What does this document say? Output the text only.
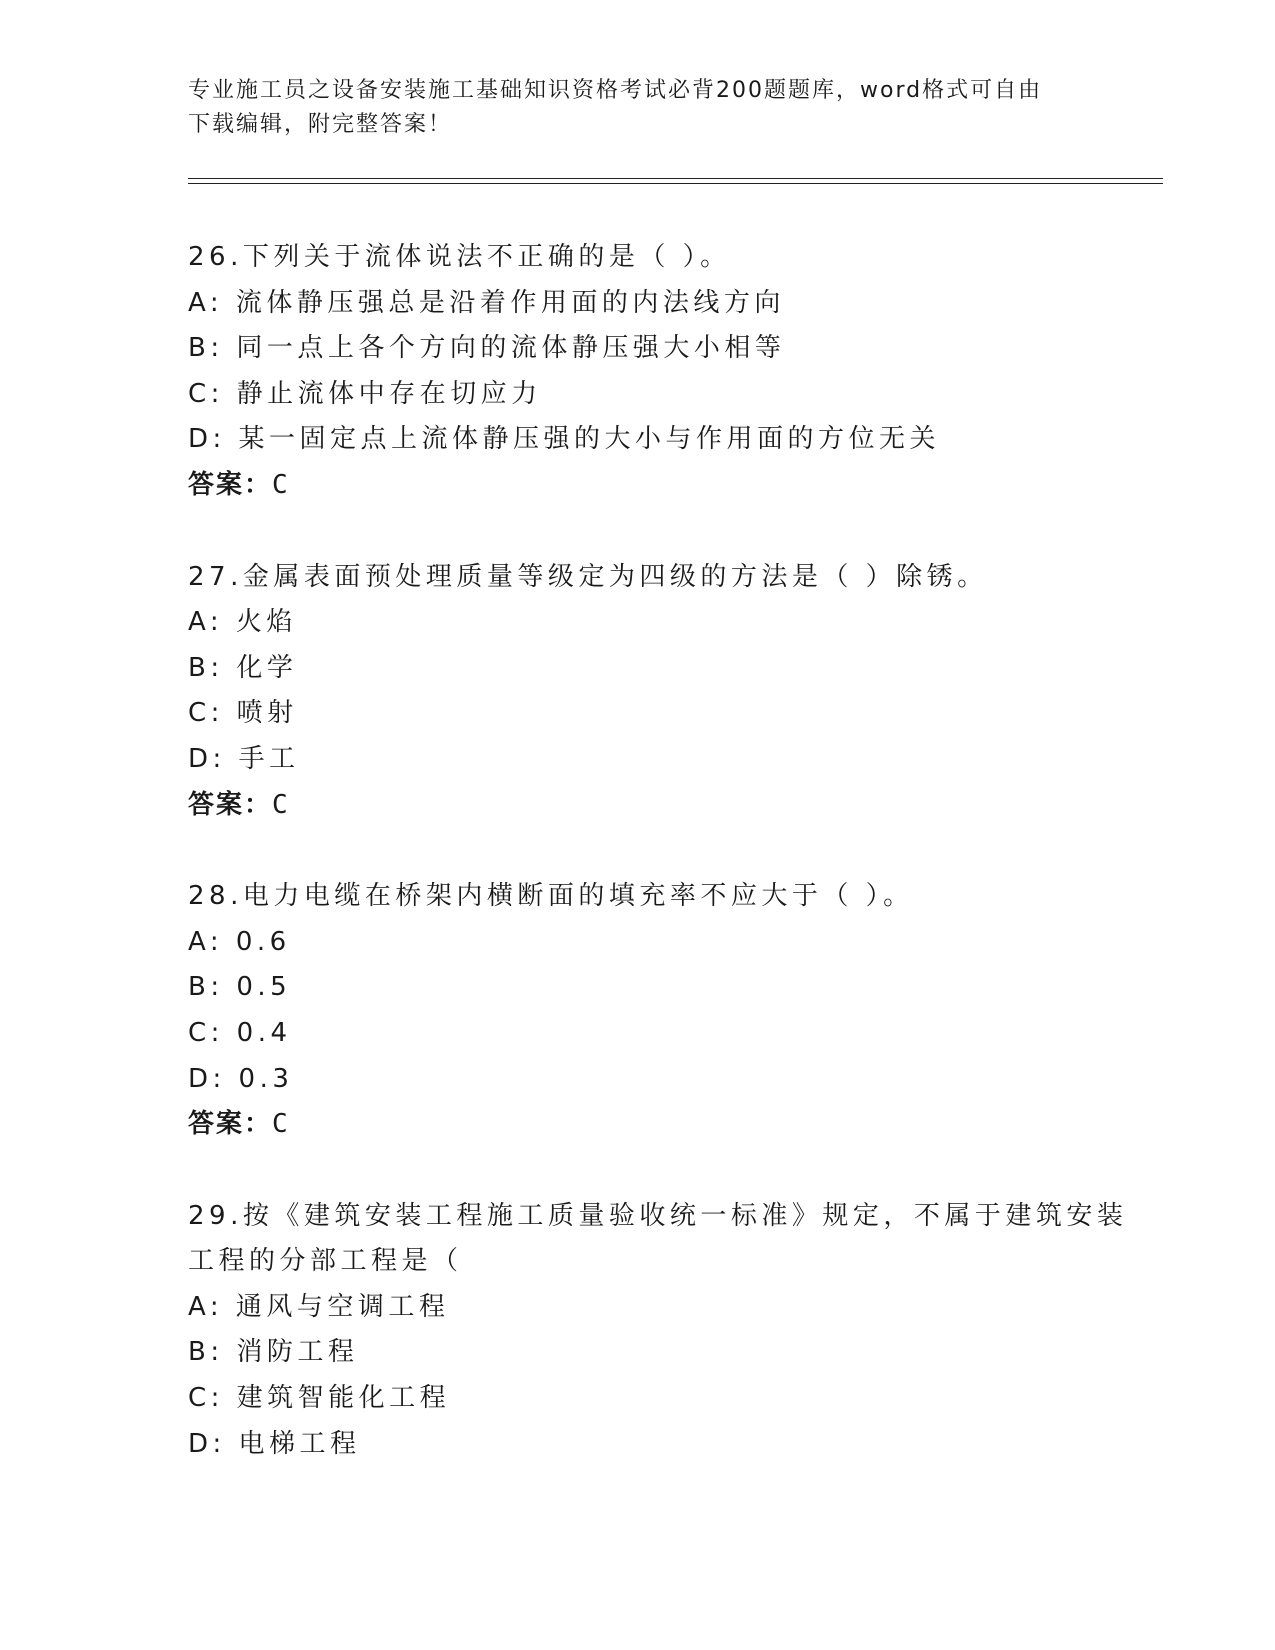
专业施工员之设备安装施工基础知识资格考试必背200题题库，word格式可自由
下载编辑，附完整答案！
26.下列关于流体说法不正确的是（ ）。
A: 流体静压强总是沿着作用面的内法线方向
B: 同一点上各个方向的流体静压强大小相等
C: 静止流体中存在切应力
D: 某一固定点上流体静压强的大小与作用面的方位无关
答案：C
27.金属表面预处理质量等级定为四级的方法是（ ）除锈。
A: 火焰
B: 化学
C: 喷射
D: 手工
答案：C
28.电力电缆在桥架内横断面的填充率不应大于（ ）。
A: 0.6
B: 0.5
C: 0.4
D: 0.3
答案：C
29.按《建筑安装工程施工质量验收统一标准》规定，不属于建筑安装
工程的分部工程是（
A: 通风与空调工程
B: 消防工程
C: 建筑智能化工程
D: 电梯工程
